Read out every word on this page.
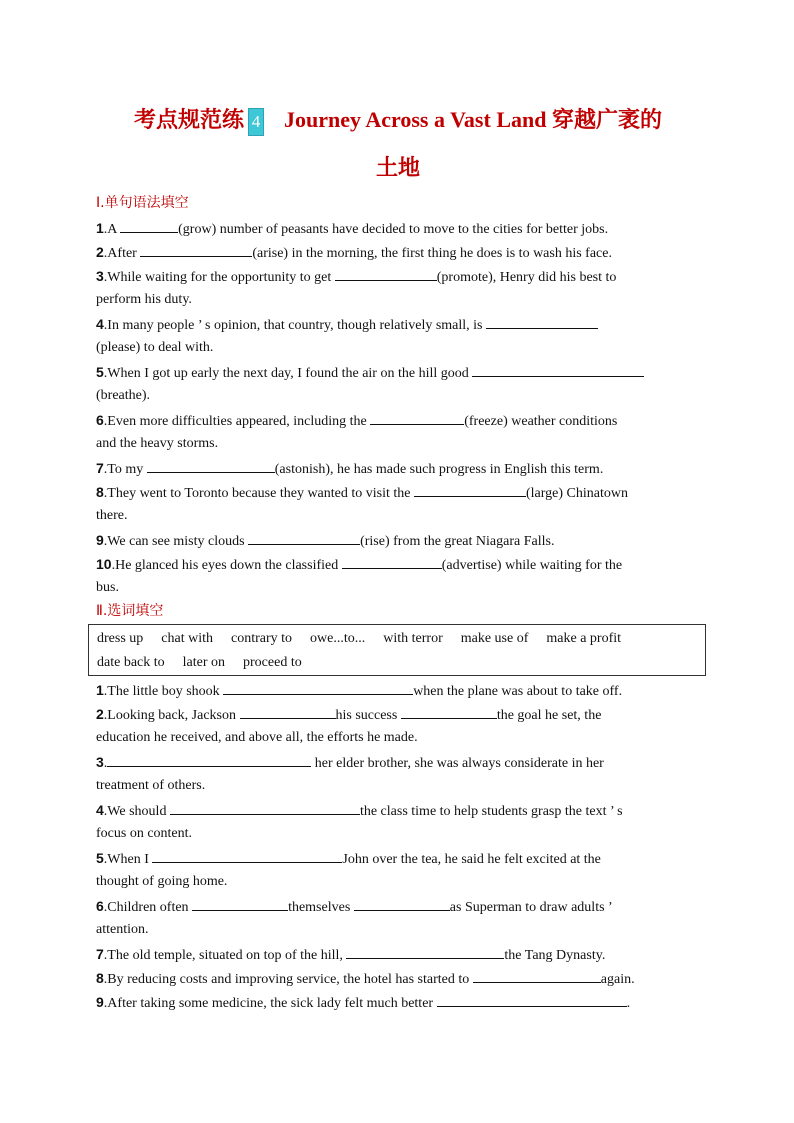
考点规范练 4 Journey Across a Vast Land 穿越广袤的
土地
Ⅰ.单句语法填空
1.A	(grow) number of peasants have decided to move to the cities for better jobs.
2.After	(arise) in the morning, the first thing he does is to wash his face.
3.While waiting for the opportunity to get	(promote), Henry did his best to
perform his duty.
4.In many people ’ s opinion, that country, though relatively small, is
(please) to deal with.
5.When I got up early the next day, I found the air on the hill good
(breathe).
6.Even more difficulties appeared, including the	(freeze) weather conditions
and the heavy storms.
7.To my	(astonish), he has made such progress in English this term.
8.They went to Toronto because they wanted to visit the	(large) Chinatown
there.
9.We can see misty clouds	(rise) from the great Niagara Falls.
10.He glanced his eyes down the classified	(advertise) while waiting for the
bus.
Ⅱ.选词填空
dress up chat with contrary to owe...to... with terror make use of make a profit
date back to later on proceed to
1.The little boy shook	when the plane was about to take off.
2.Looking back, Jackson	his success	the goal he set, the
education he received, and above all, the efforts he made.
3.	her elder brother, she was always considerate in her
treatment of others.
4.We should	the class time to help students grasp the text ’ s
focus on content.
5.When I	John over the tea, he said he felt excited at the
thought of going home.
6.Children often	themselves	as Superman to draw adults ’
attention.
7.The old temple, situated on top of the hill,	the Tang Dynasty.
8.By reducing costs and improving service, the hotel has started to	again.
9.After taking some medicine, the sick lady felt much better	.
